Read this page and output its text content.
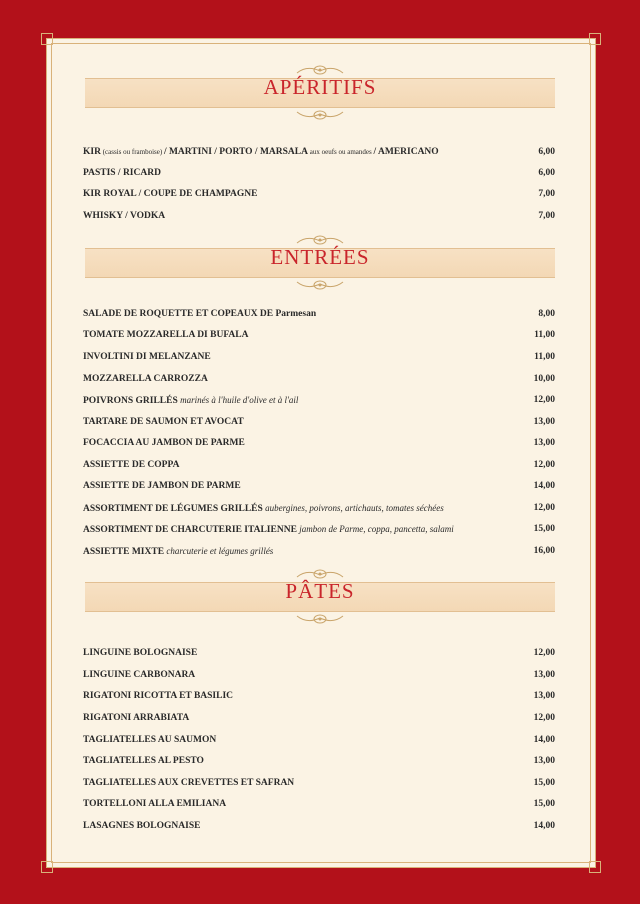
APÉRITIFS
KIR (cassis ou framboise) / MARTINI / PORTO / MARSALA aux oeufs ou amandes / AMERICANO	6,00
PASTIS / RICARD	6,00
KIR ROYAL / COUPE DE CHAMPAGNE	7,00
WHISKY / VODKA	7,00
ENTRÉES
SALADE DE ROQUETTE ET COPEAUX DE Parmesan	8,00
TOMATE MOZZARELLA DI BUFALA	11,00
INVOLTINI DI MELANZANE	11,00
MOZZARELLA CARROZZA	10,00
POIVRONS GRILLÉS marinés à l'huile d'olive et à l'ail	12,00
TARTARE DE SAUMON ET AVOCAT	13,00
FOCACCIA AU JAMBON DE PARME	13,00
ASSIETTE DE COPPA	12,00
ASSIETTE DE JAMBON DE PARME	14,00
ASSORTIMENT DE LÉGUMES GRILLÉS aubergines, poivrons, artichauts, tomates séchées	12,00
ASSORTIMENT DE CHARCUTERIE ITALIENNE jambon de Parme, coppa, pancetta, salami	15,00
ASSIETTE MIXTE charcuterie et légumes grillés	16,00
PÂTES
LINGUINE BOLOGNAISE	12,00
LINGUINE CARBONARA	13,00
RIGATONI RICOTTA ET BASILIC	13,00
RIGATONI ARRABIATA	12,00
TAGLIATELLES AU SAUMON	14,00
TAGLIATELLES AL PESTO	13,00
TAGLIATELLES AUX CREVETTES ET SAFRAN	15,00
TORTELLONI ALLA EMILIANA	15,00
LASAGNES BOLOGNAISE	14,00
